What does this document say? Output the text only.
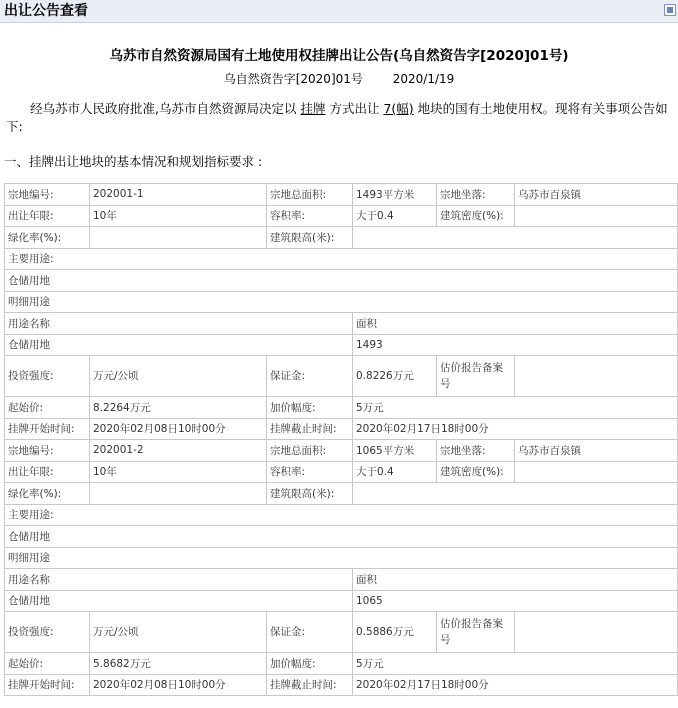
出让公告查看
乌苏市自然资源局国有土地使用权挂牌出让公告(乌自然资告字[2020]01号)
乌自然资告字[2020]01号 2020/1/19
经乌苏市人民政府批准,乌苏市自然资源局决定以 挂牌 方式出让 7(幅) 地块的国有土地使用权。现将有关事项公告如下:
一、挂牌出让地块的基本情况和规划指标要求 :
宗地编号:	202001-1	宗地总面积:	1493平方米	宗地坐落:	乌苏市百泉镇
出让年限:	10年	容积率:	大于0.4	建筑密度(%):	
绿化率(%):		建筑限高(米):			
主要用途:					
仓储用地					
明细用途					
用途名称			面积		
仓储用地			1493		
投资强度:	万元/公顷	保证金:	0.8226万元	估价报告备案号	
起始价:	8.2264万元	加价幅度:	5万元		
挂牌开始时间:	2020年02月08日10时00分	挂牌截止时间:	2020年02月17日18时00分		
宗地编号:	202001-2	宗地总面积:	1065平方米	宗地坐落:	乌苏市百泉镇
出让年限:	10年	容积率:	大于0.4	建筑密度(%):	
绿化率(%):		建筑限高(米):			
主要用途:					
仓储用地					
明细用途					
用途名称			面积		
仓储用地			1065		
投资强度:	万元/公顷	保证金:	0.5886万元	估价报告备案号	
起始价:	5.8682万元	加价幅度:	5万元		
挂牌开始时间:	2020年02月08日10时00分	挂牌截止时间:	2020年02月17日18时00分		
